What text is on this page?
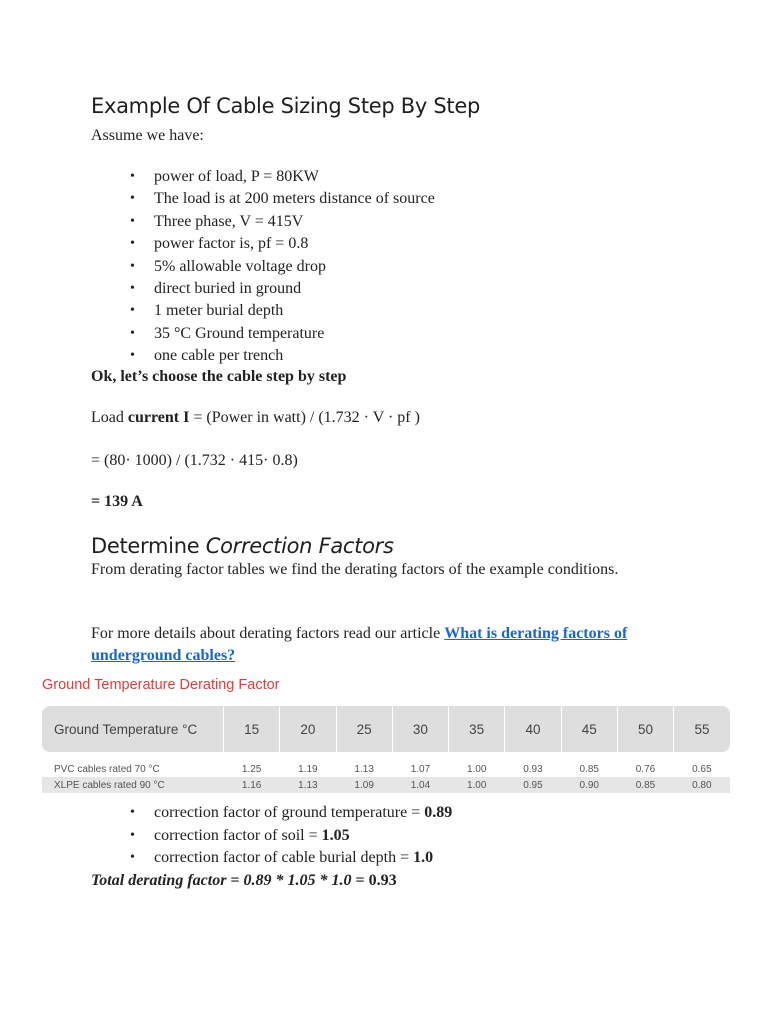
Example Of Cable Sizing Step By Step

Assume we have:

• power of load, P = 80KW
• The load is at 200 meters distance of source
• Three phase, V = 415V
• power factor is, pf = 0.8
• 5% allowable voltage drop
• direct buried in ground
• 1 meter burial depth
• 35 °C Ground temperature
• one cable per trench

Ok, let’s choose the cable step by step

Load current I = (Power in watt) / (1.732 · V · pf )

= (80· 1000) / (1.732 · 415· 0.8)

= 139 A

Determine Correction Factors

From derating factor tables we find the derating factors of the example conditions.

For more details about derating factors read our article What is derating factors of underground cables?

Ground Temperature Derating Factor

Ground Temperature °C	15	20	25	30	35	40	45	50	55

PVC cables rated 70 °C	1.25	1.19	1.13	1.07	1.00	0.93	0.85	0.76	0.65
XLPE cables rated 90 °C	1.16	1.13	1.09	1.04	1.00	0.95	0.90	0.85	0.80
• correction factor of ground temperature = 0.89
• correction factor of soil = 1.05
• correction factor of cable burial depth = 1.0

Total derating factor = 0.89 * 1.05 * 1.0 = 0.93
